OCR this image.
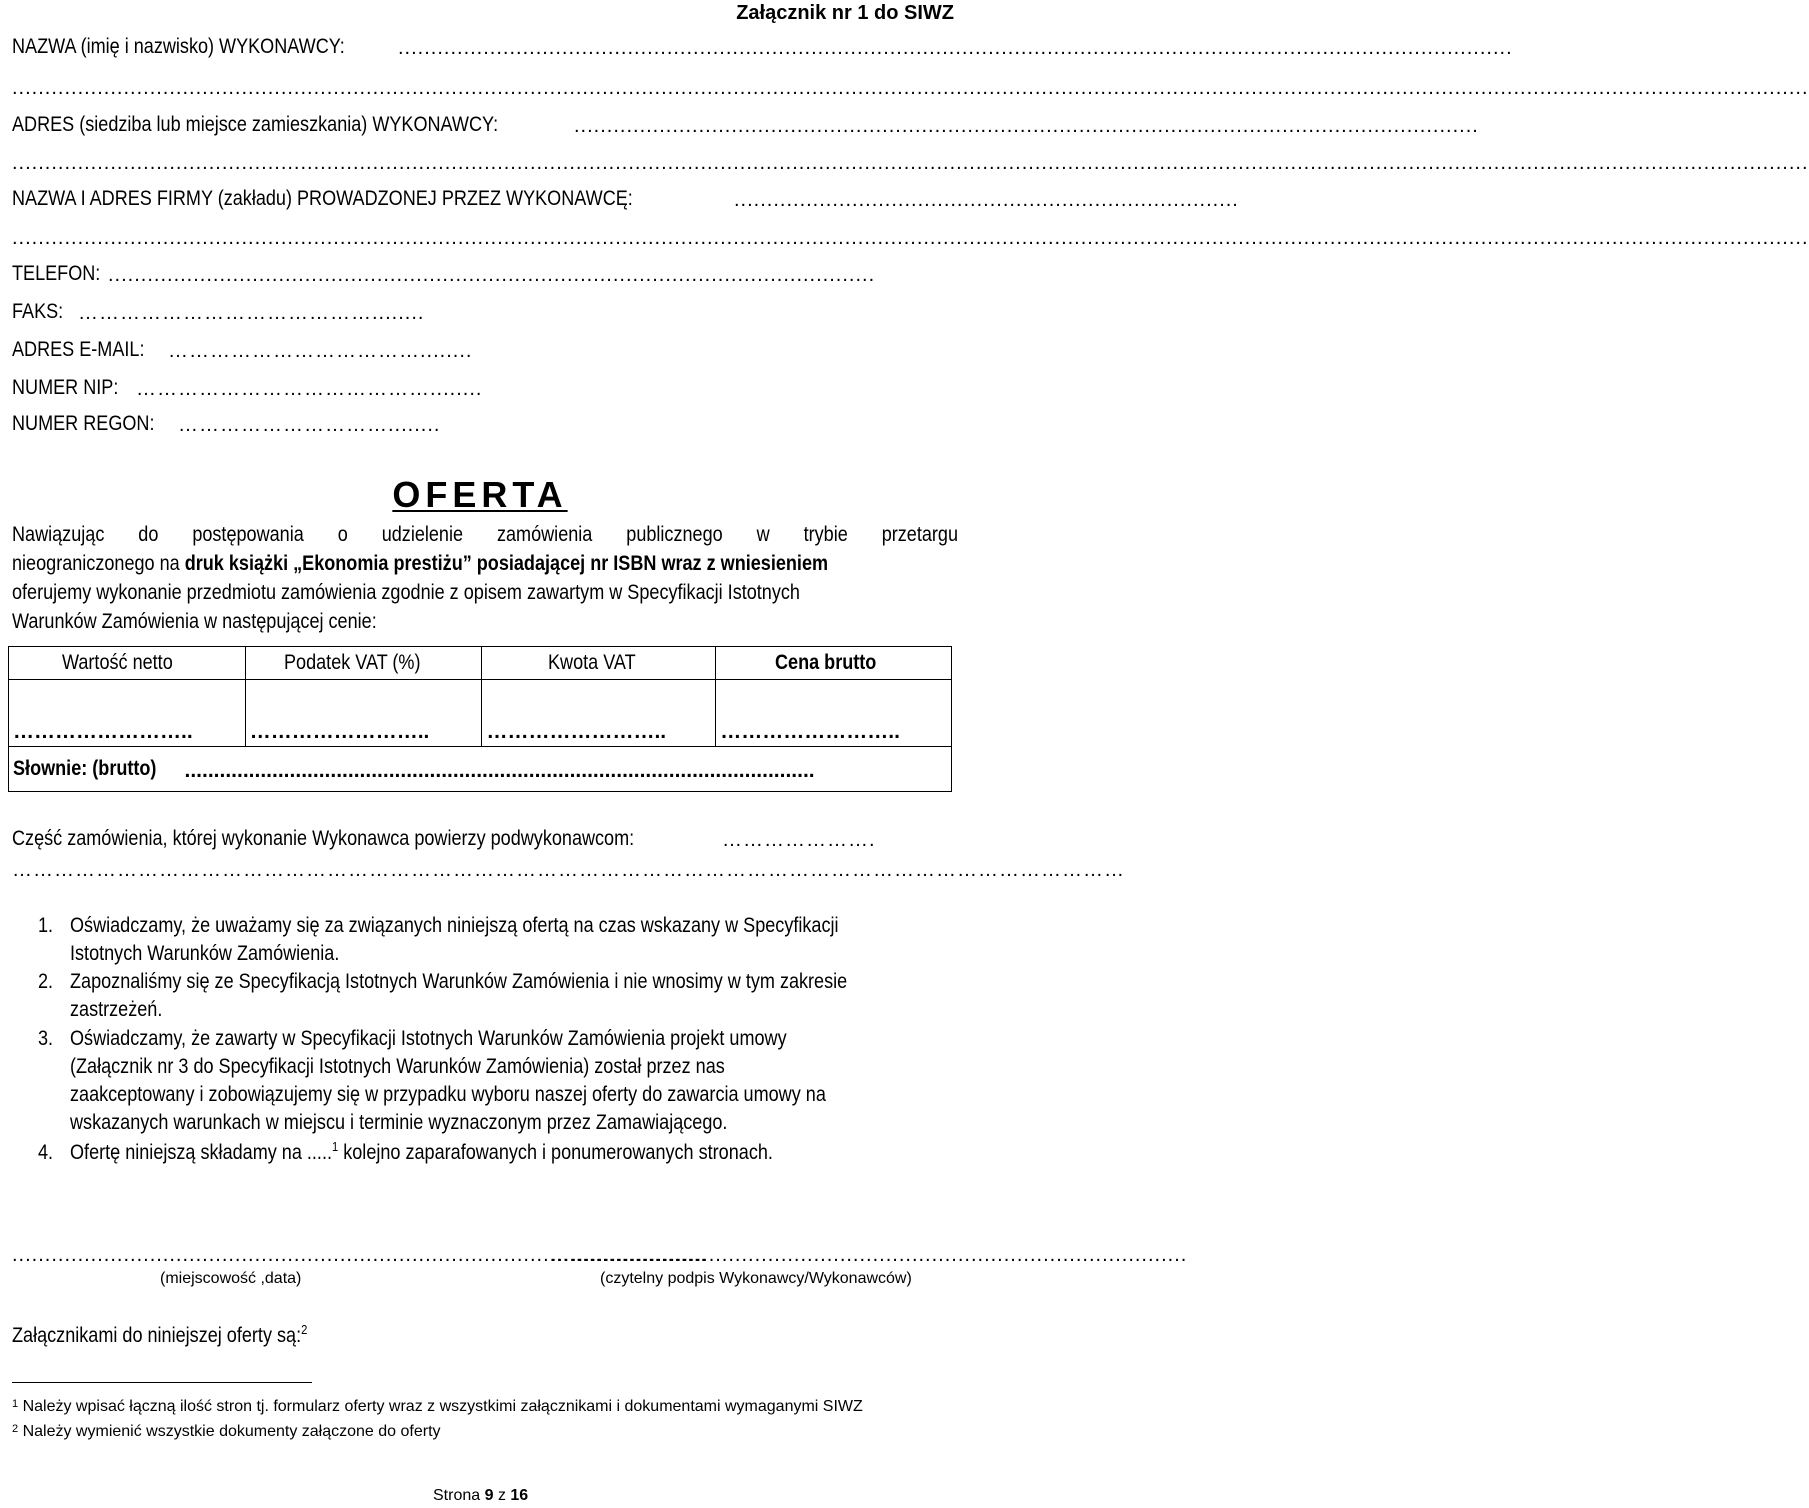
Załącznik nr 1 do SIWZ
NAZWA (imię i nazwisko) WYKONAWCY:	..........................................................................................................................................................................
..................................................................................................................................................................................................................................................................................
ADRES (siedziba lub miejsce zamieszkania) WYKONAWCY:	..........................................................................................................................................
..................................................................................................................................................................................................................................................................................
NAZWA I ADRES FIRMY (zakładu) PROWADZONEJ PRZEZ WYKONAWCĘ:	.............................................................................
..................................................................................................................................................................................................................................................................................
TELEFON: .....................................................................................................................
FAKS: ……………………………………........
ADRES E-MAIL: ………………………………........
NUMER NIP: ……………………………………........
NUMER REGON: …………………………........
OFERTA
Nawiązując do postępowania o udzielenie zamówienia publicznego w trybie przetargu
nieograniczonego na druk książki „Ekonomia prestiżu” posiadającej nr ISBN wraz z wniesieniem
oferujemy wykonanie przedmiotu zamówienia zgodnie z opisem zawartym w Specyfikacji Istotnych
Warunków Zamówienia w następującej cenie:
Wartość netto	Podatek VAT (%)	Kwota VAT	Cena brutto
……………………..	……………………..	……………………..	……………………..
Słownie: (brutto) ............................................................................................................			
Część zamówienia, której wykonanie Wykonawca powierzy podwykonawcom:	………………….
……………………………………………………………………………………………………………………………………………
1. Oświadczamy, że uważamy się za związanych niniejszą ofertą na czas wskazany w Specyfikacji
Istotnych Warunków Zamówienia.
2. Zapoznaliśmy się ze Specyfikacją Istotnych Warunków Zamówienia i nie wnosimy w tym zakresie
zastrzeżeń.
3. Oświadczamy, że zawarty w Specyfikacji Istotnych Warunków Zamówienia projekt umowy
(Załącznik nr 3 do Specyfikacji Istotnych Warunków Zamówienia) został przez nas
zaakceptowany i zobowiązujemy się w przypadku wyboru naszej oferty do zawarcia umowy na
wskazanych warunkach w miejscu i terminie wyznaczonym przez Zamawiającego.
4. Ofertę niniejszą składamy na .....$^1$ kolejno zaparafowanych i ponumerowanych stronach.
..........................................................................................................
…..............................................................................................
(miejscowość ,data)	(czytelny podpis Wykonawcy/Wykonawców)
Załącznikami do niniejszej oferty są:$^2$
$^1$ Należy wpisać łączną ilość stron tj. formularz oferty wraz z wszystkimi załącznikami i dokumentami wymaganymi SIWZ
$^2$ Należy wymienić wszystkie dokumenty załączone do oferty
Strona 9 z 16
